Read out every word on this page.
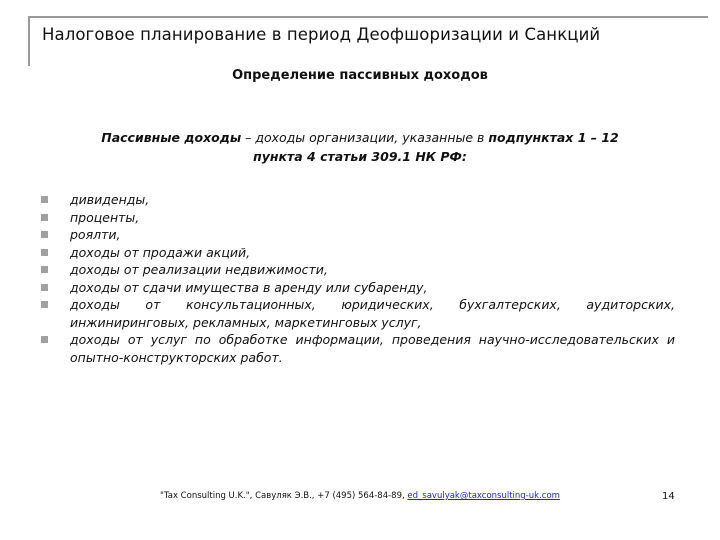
Налоговое планирование в период Деофшоризации и Санкций
Определение пассивных доходов
Пассивные доходы – доходы организации, указанные в подпунктах 1 – 12
пункта 4 статьи 309.1 НК РФ:
дивиденды,
проценты,
роялти,
доходы от продажи акций,
доходы от реализации недвижимости,
доходы от сдачи имущества в аренду или субаренду,
доходы от консультационных, юридических, бухгалтерских, аудиторских, инжиниринговых, рекламных, маркетинговых услуг,
доходы от услуг по обработке информации, проведения научно-исследовательских и опытно-конструкторских работ.
"Tax Consulting U.K.", Савуляк Э.В., +7 (495) 564-84-89, ed_savulyak@taxconsulting-uk.com	14
